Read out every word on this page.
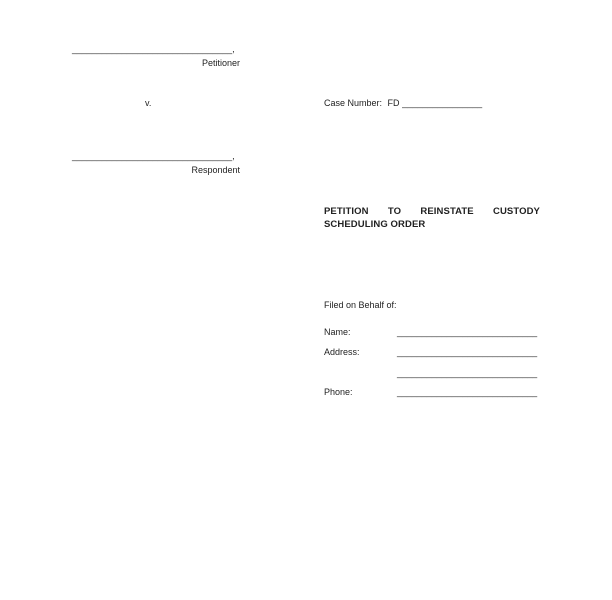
________________________________,
Petitioner
v.
________________________________,
Respondent
Case Number: FD ________________
PETITION TO REINSTATE CUSTODY
SCHEDULING ORDER
Filed on Behalf of:
Name:	____________________________
Address:	____________________________
____________________________
Phone:	____________________________
